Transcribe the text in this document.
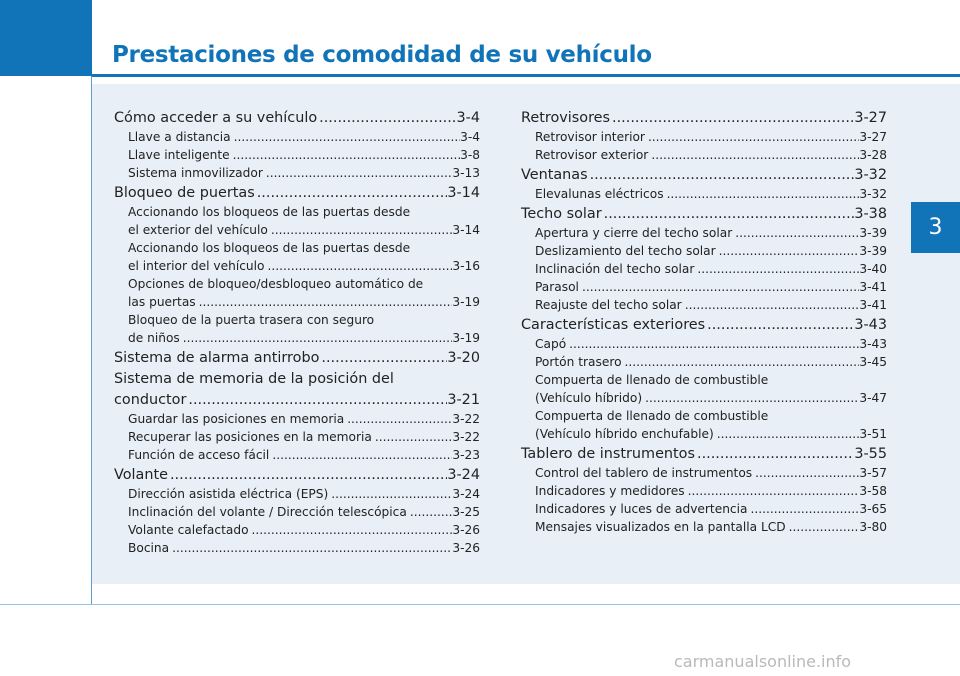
Prestaciones de comodidad de su vehículo
3
Cómo acceder a su vehículo .....	3-4
Llave a distancia .....	3-4
Llave inteligente .....	3-8
Sistema inmovilizador .....	3-13
Bloqueo de puertas .....	3-14
Accionando los bloqueos de las puertas desde
el exterior del vehículo .....	3-14
Accionando los bloqueos de las puertas desde
el interior del vehículo .....	3-16
Opciones de bloqueo/desbloqueo automático de
las puertas .....	3-19
Bloqueo de la puerta trasera con seguro
de niños .....	3-19
Sistema de alarma antirrobo .....	3-20
Sistema de memoria de la posición del
conductor .....	3-21
Guardar las posiciones en memoria .....	3-22
Recuperar las posiciones en la memoria .....	3-22
Función de acceso fácil .....	3-23
Volante .....	3-24
Dirección asistida eléctrica (EPS) .....	3-24
Inclinación del volante / Dirección telescópica .....	3-25
Volante calefactado .....	3-26
Bocina .....	3-26
Retrovisores .....	3-27
Retrovisor interior .....	3-27
Retrovisor exterior .....	3-28
Ventanas .....	3-32
Elevalunas eléctricos .....	3-32
Techo solar .....	3-38
Apertura y cierre del techo solar .....	3-39
Deslizamiento del techo solar .....	3-39
Inclinación del techo solar .....	3-40
Parasol .....	3-41
Reajuste del techo solar .....	3-41
Características exteriores .....	3-43
Capó .....	3-43
Portón trasero .....	3-45
Compuerta de llenado de combustible
(Vehículo híbrido) .....	3-47
Compuerta de llenado de combustible
(Vehículo híbrido enchufable) .....	3-51
Tablero de instrumentos .....	3-55
Control del tablero de instrumentos .....	3-57
Indicadores y medidores .....	3-58
Indicadores y luces de advertencia .....	3-65
Mensajes visualizados en la pantalla LCD .....	3-80
carmanualsonline.info
